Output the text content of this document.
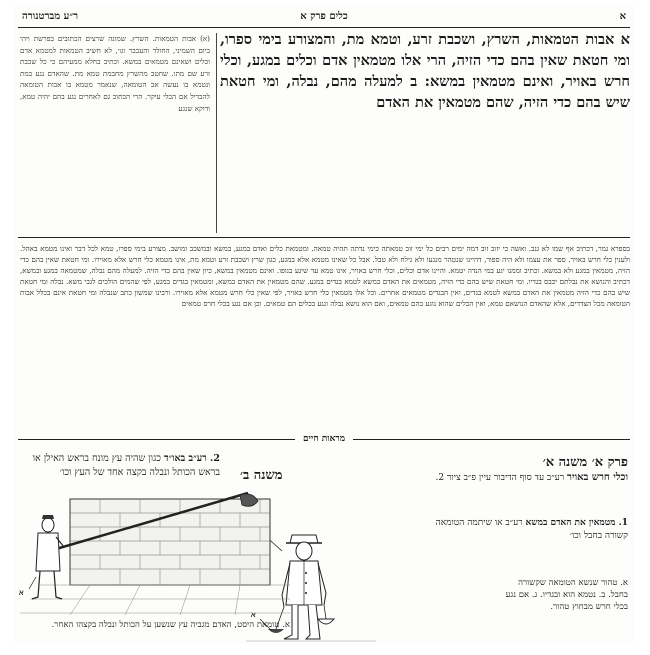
א
כלים פרק א
ר״ע מברטנורה
א אבות הטמאות, השרץ, ושכבת זרע, וטמא מת, והמצורע בימי ספרו, ומי חטאת שאין בהם כדי הזיה, הרי אלו מטמאין אדם וכלים במגע, וכלי חרש באויר, ואינם מטמאין במשא: ב למעלה מהם, נבלה, ומי חטאת שיש בהם כדי הזיה, שהם מטמאין את האדם
(א) אבות הטמאות. השרץ. שמונה שרצים הכתובים בפרשת ויהי ביום השמיני, החולד והעכבר וגו׳, לא חשיב הטמאות למטמא אדם וכלים ושאינם מטמאים במשא. וכתיב בחלא ממעיהם כי כל שכבת זרע שם מתו. שחטב מהשרץ מחבמת טמא מת. שהאדם נגע במת ונטמא בו נעשה אב הטומאה, שנאמר מטמא בו אבות הטומאה להבדיל אם הכלי עיקר. הרי הכתוב גם לאחרים נגע בהם יהיה טמא, ודוקא שנגע
בספרא גמר, דכתיב אף שמו לא גנב. ואשה כי יזוב זוב דמה ימים רבים כל ימי זוב טמאתה כימי נדתה תהיה טמאה. ומטמאת כלים ואדם במגע, במשא ובמשכב ומושב. מצורע בימי ספרו, טמא לכל דבר ואינו מטמא באהל. ולענין כלי חרש באויר. ספר את עצמו ולא היה ספור, דהיינו שנטהר מנגעו ולא גילח ולא טבל. אבל כל שאינו מטמא אלא במגע, כגון שרץ ושכבת זרע וטמא מת, אינו מטמא כלי חרש אלא מאוירו. ומי חטאת שאין בהם כדי הזיה, מטמאין במגע ולא במשא. וכתיב וממנו יגע במי הנדה יטמא. והיינו אדם וכלים, וכלי חרש באויר, אינו טמא עד שיגע בגופו. ואינם מטמאין במשא, כיון שאין בהם כדי הזיה. למעלה מהם נבלה, שמטמאה במגע ובמשא, דכתיב והנושא את נבלתם יכבס בגדיו. ומי חטאת שיש בהם כדי הזיה, מטמאים את האדם במשא לטמא בגדים במגע. שהם מטמאין את האדם במשא, ומטמאין בגדים במגע, לפי שהמים הולכים לגבי משא. נבלה ומי חטאת שיש בהם כדי הזיה מטמאין את האדם במשא לטמא בגדים, ואין הבגדים מטמאים אחרים. וכל אלו מטמאין כלי חרש באויר, לפי שאין כלי חרש מטמא אלא מאוירו. ורבינו שמשון כתב שנבלה ומי חטאת אינם בכלל אבות הטומאה מכל הצדדים, אלא שהאדם הנושאם טמא, ואין הכלים שהוא נוגע בהם טמאים, ואם הוא נושא נבלה ונגע בכלים הם טמאים. וכן אם נגע בכלי חרס טמאים
מראות חיים
פרק א׳ משנה א׳
וכלי חרש באויר רע״ב עד סוף הדיבור עיין פ״ב ציור 2.
1. מטמאין את האדם במשא רע״ב או שיתמה הטומאה קשורה בחבל וכו׳
א
א. טהור שנשא הטומאה שקשורה בחבל. ב. נטמא הוא ובגדיו. ג. אם נגע בכלי חרש מבחוץ טהור.
2. רע״ב באו״ד כגון שהיה עץ מונח בראש האילן או בראש הכותל ונבלה בקצה אחד של העץ וכו׳ משנה ב׳
א
א. טומאת היסט, האדם מגביה עץ שנשען על הכותל ונבלה בקצהו האחר.
